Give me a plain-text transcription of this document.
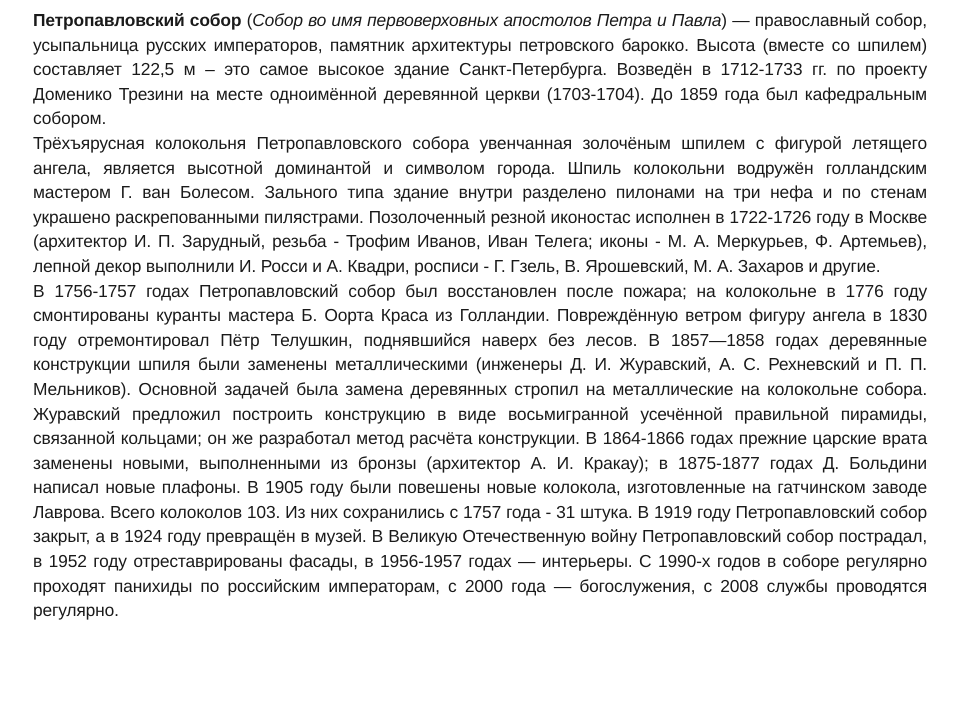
Петропавловский собор (Собор во имя первоверховных апостолов Петра и Павла) — православный собор, усыпальница русских императоров, памятник архитектуры петровского барокко. Высота (вместе со шпилем) составляет 122,5 м – это самое высокое здание Санкт-Петербурга. Возведён в 1712-1733 гг. по проекту Доменико Трезини на месте одноимённой деревянной церкви (1703-1704). До 1859 года был кафедральным собором.

Трёхъярусная колокольня Петропавловского собора увенчанная золочёным шпилем с фигурой летящего ангела, является высотной доминантой и символом города. Шпиль колокольни водружён голландским мастером Г. ван Болесом. Зального типа здание внутри разделено пилонами на три нефа и по стенам украшено раскрепованными пилястрами. Позолоченный резной иконостас исполнен в 1722-1726 году в Москве (архитектор И. П. Зарудный, резьба - Трофим Иванов, Иван Телега; иконы - М. А. Меркурьев, Ф. Артемьев), лепной декор выполнили И. Росси и А. Квадри, росписи - Г. Гзель, В. Ярошевский, М. А. Захаров и другие.

В 1756-1757 годах Петропавловский собор был восстановлен после пожара; на колокольне в 1776 году смонтированы куранты мастера Б. Оорта Краса из Голландии. Повреждённую ветром фигуру ангела в 1830 году отремонтировал Пётр Телушкин, поднявшийся наверх без лесов. В 1857—1858 годах деревянные конструкции шпиля были заменены металлическими (инженеры Д. И. Журавский, А. С. Рехневский и П. П. Мельников). Основной задачей была замена деревянных стропил на металлические на колокольне собора. Журавский предложил построить конструкцию в виде восьмигранной усечённой правильной пирамиды, связанной кольцами; он же разработал метод расчёта конструкции. В 1864-1866 годах прежние царские врата заменены новыми, выполненными из бронзы (архитектор А. И. Кракау); в 1875-1877 годах Д. Больдини написал новые плафоны. В 1905 году были повешены новые колокола, изготовленные на гатчинском заводе Лаврова. Всего колоколов 103. Из них сохранились с 1757 года - 31 штука. В 1919 году Петропавловский собор закрыт, а в 1924 году превращён в музей. В Великую Отечественную войну Петропавловский собор пострадал, в 1952 году отреставрированы фасады, в 1956-1957 годах — интерьеры. С 1990-х годов в соборе регулярно проходят панихиды по российским императорам, с 2000 года — богослужения, с 2008 службы проводятся регулярно.
